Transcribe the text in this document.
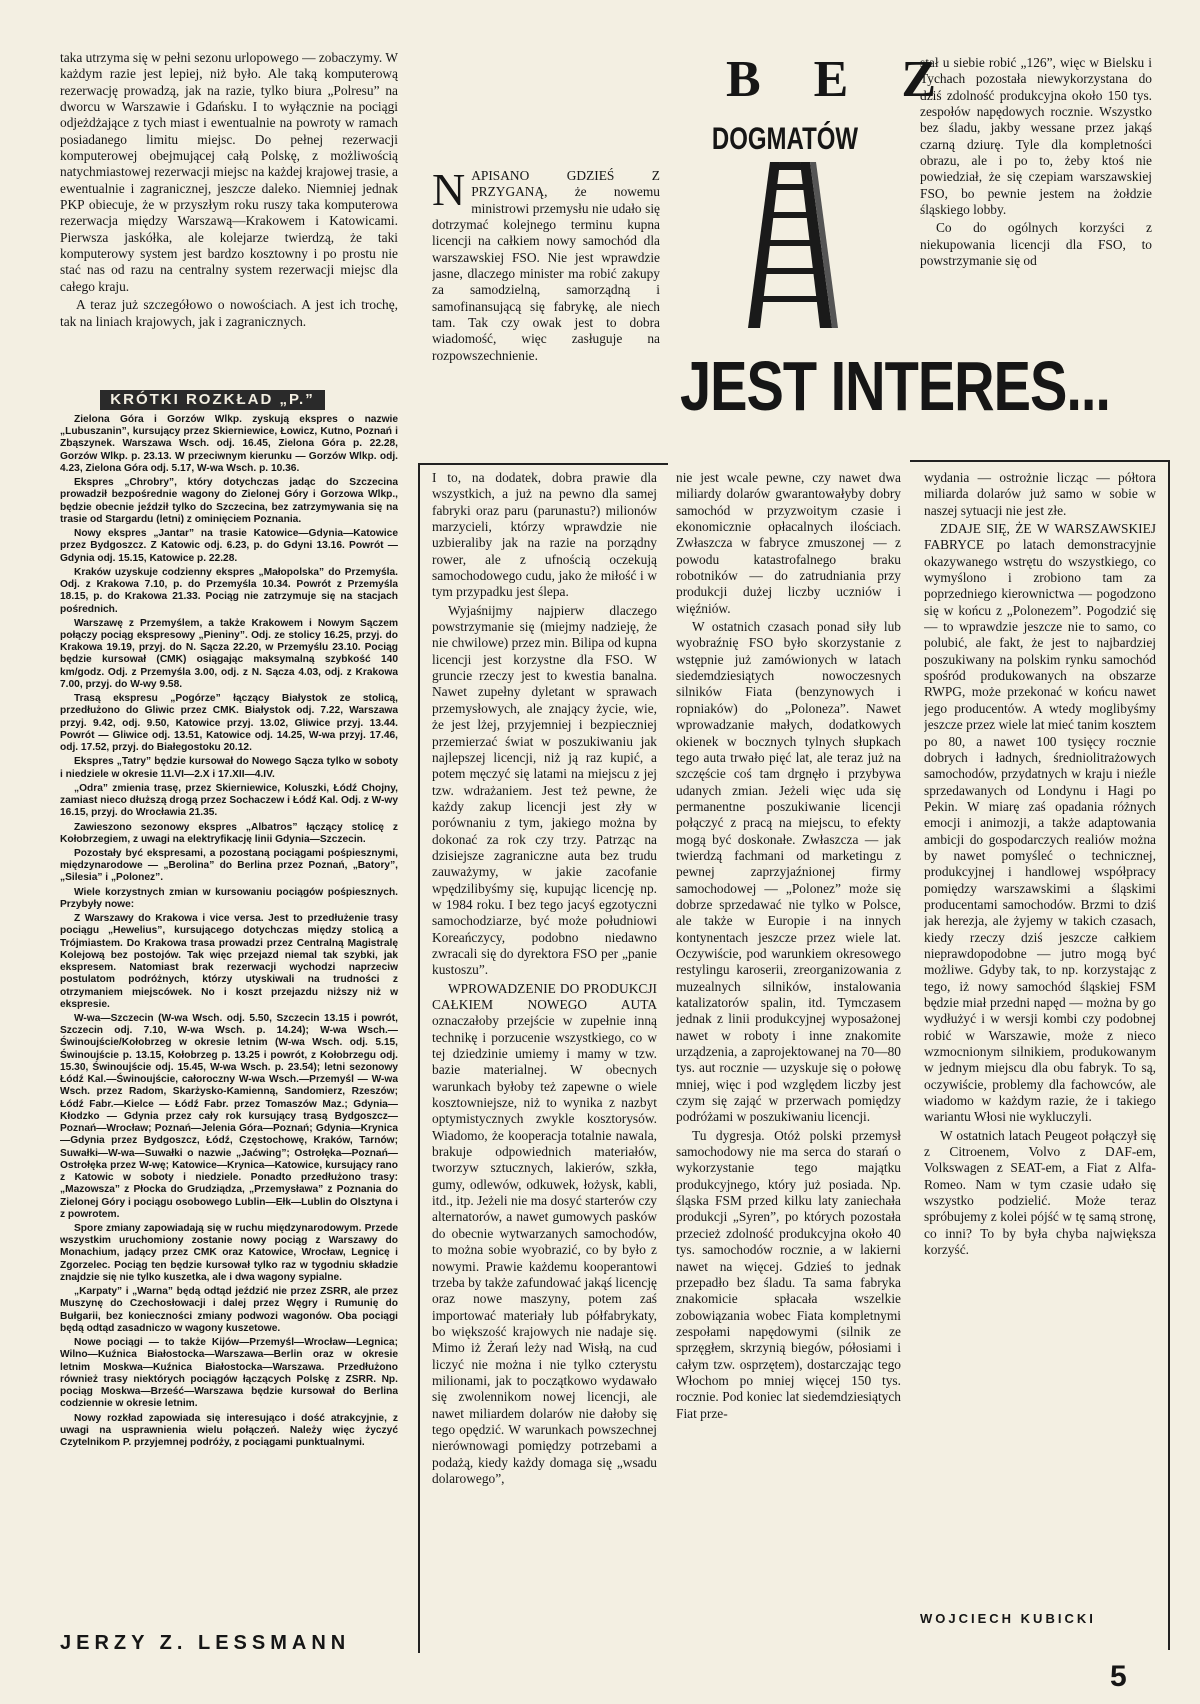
taka utrzyma się w pełni sezonu urlopowego — zobaczymy. W każdym razie jest lepiej, niż było. Ale taką komputerową rezerwację prowadzą, jak na razie, tylko biura „Polresu” na dworcu w Warszawie i Gdańsku. I to wyłącznie na pociągi odjeżdżające z tych miast i ewentualnie na powroty w ramach posiadanego limitu miejsc. Do pełnej rezerwacji komputerowej obejmującej całą Polskę, z możliwością natychmiastowej rezerwacji miejsc na każdej krajowej trasie, a ewentualnie i zagranicznej, jeszcze daleko. Niemniej jednak PKP obiecuje, że w przyszłym roku ruszy taka komputerowa rezerwacja między Warszawą—Krakowem i Katowicami. Pierwsza jaskółka, ale kolejarze twierdzą, że taki komputerowy system jest bardzo kosztowny i po prostu nie stać nas od razu na centralny system rezerwacji miejsc dla całego kraju.

A teraz już szczegółowo o nowościach. A jest ich trochę, tak na liniach krajowych, jak i zagranicznych.

KRÓTKI ROZKŁAD „P.”

Zielona Góra i Gorzów Wlkp. zyskują ekspres o nazwie „Lubuszanin”, kursujący przez Skierniewice, Łowicz, Kutno, Poznań i Zbąszynek. Warszawa Wsch. odj. 16.45, Zielona Góra p. 22.28, Gorzów Wlkp. p. 23.13. W przeciwnym kierunku — Gorzów Wlkp. odj. 4.23, Zielona Góra odj. 5.17, W-wa Wsch. p. 10.36.

Ekspres „Chrobry”, który dotychczas jadąc do Szczecina prowadził bezpośrednie wagony do Zielonej Góry i Gorzowa Wlkp., będzie obecnie jeździł tylko do Szczecina, bez zatrzymywania się na trasie od Stargardu (letni) z ominięciem Poznania.

Nowy ekspres „Jantar” na trasie Katowice—Gdynia—Katowice przez Bydgoszcz. Z Katowic odj. 6.23, p. do Gdyni 13.16. Powrót — Gdynia odj. 15.15, Katowice p. 22.28.

Kraków uzyskuje codzienny ekspres „Małopolska” do Przemyśla. Odj. z Krakowa 7.10, p. do Przemyśla 10.34. Powrót z Przemyśla 18.15, p. do Krakowa 21.33. Pociąg nie zatrzymuje się na stacjach pośrednich.

Warszawę z Przemyślem, a także Krakowem i Nowym Sączem połączy pociąg ekspresowy „Pieniny”. Odj. ze stolicy 16.25, przyj. do Krakowa 19.19, przyj. do N. Sącza 22.20, w Przemyślu 23.10. Pociąg będzie kursował (CMK) osiągając maksymalną szybkość 140 km/godz. Odj. z Przemyśla 3.00, odj. z N. Sącza 4.03, odj. z Krakowa 7.00, przyj. do W-wy 9.58.

Trasą ekspresu „Pogórze” łączący Białystok ze stolicą, przedłużono do Gliwic przez CMK. Białystok odj. 7.22, Warszawa przyj. 9.42, odj. 9.50, Katowice przyj. 13.02, Gliwice przyj. 13.44. Powrót — Gliwice odj. 13.51, Katowice odj. 14.25, W-wa przyj. 17.46, odj. 17.52, przyj. do Białegostoku 20.12.

Ekspres „Tatry” będzie kursował do Nowego Sącza tylko w soboty i niedziele w okresie 11.VI—2.X i 17.XII—4.IV.

„Odra” zmienia trasę, przez Skierniewice, Koluszki, Łódź Chojny, zamiast nieco dłuższą drogą przez Sochaczew i Łódź Kal. Odj. z W-wy 16.15, przyj. do Wrocławia 21.35.

Zawieszono sezonowy ekspres „Albatros” łączący stolicę z Kołobrzegiem, z uwagi na elektryfikację linii Gdynia—Szczecin.

Pozostały być ekspresami, a pozostaną pociągami pośpiesznymi, międzynarodowe — „Berolina” do Berlina przez Poznań, „Batory”, „Silesia” i „Polonez”.

Wiele korzystnych zmian w kursowaniu pociągów pośpiesznych. Przybyły nowe:

Z Warszawy do Krakowa i vice versa. Jest to przedłużenie trasy pociągu „Hewelius”, kursującego dotychczas między stolicą a Trójmiastem. Do Krakowa trasa prowadzi przez Centralną Magistralę Kolejową bez postojów. Tak więc przejazd niemal tak szybki, jak ekspresem. Natomiast brak rezerwacji wychodzi naprzeciw postulatom podróżnych, którzy utyskiwali na trudności z otrzymaniem miejscówek. No i koszt przejazdu niższy niż w ekspresie.

W-wa—Szczecin (W-wa Wsch. odj. 5.50, Szczecin 13.15 i powrót, Szczecin odj. 7.10, W-wa Wsch. p. 14.24); W-wa Wsch.—Świnoujście/Kołobrzeg w okresie letnim (W-wa Wsch. odj. 5.15, Świnoujście p. 13.15, Kołobrzeg p. 13.25 i powrót, z Kołobrzegu odj. 15.30, Świnoujście odj. 15.45, W-wa Wsch. p. 23.54); letni sezonowy Łódź Kal.—Świnoujście, całoroczny W-wa Wsch.—Przemyśl — W-wa Wsch. przez Radom, Skarżysko-Kamienną, Sandomierz, Rzeszów; Łódź Fabr.—Kielce — Łódź Fabr. przez Tomaszów Maz.; Gdynia—Kłodzko — Gdynia przez cały rok kursujący trasą Bydgoszcz—Poznań—Wrocław; Poznań—Jelenia Góra—Poznań; Gdynia—Krynica—Gdynia przez Bydgoszcz, Łódź, Częstochowę, Kraków, Tarnów; Suwałki—W-wa—Suwałki o nazwie „Jaćwing”; Ostrołęka—Poznań—Ostrołęka przez W-wę; Katowice—Krynica—Katowice, kursujący rano z Katowic w soboty i niedziele. Ponadto przedłużono trasy: „Mazowsza” z Płocka do Grudziądza, „Przemysława” z Poznania do Zielonej Góry i pociągu osobowego Lublin—Ełk—Lublin do Olsztyna i z powrotem.

Spore zmiany zapowiadają się w ruchu międzynarodowym. Przede wszystkim uruchomiony zostanie nowy pociąg z Warszawy do Monachium, jadący przez CMK oraz Katowice, Wrocław, Legnicę i Zgorzelec. Pociąg ten będzie kursował tylko raz w tygodniu składzie znajdzie się nie tylko kuszetka, ale i dwa wagony sypialne.

„Karpaty” i „Warna” będą odtąd jeździć nie przez ZSRR, ale przez Muszynę do Czechosłowacji i dalej przez Węgry i Rumunię do Bułgarii, bez konieczności zmiany podwozi wagonów. Oba pociągi będą odtąd zasadniczo w wagony kuszetowe.

Nowe pociągi — to także Kijów—Przemyśl—Wrocław—Legnica; Wilno—Kuźnica Białostocka—Warszawa—Berlin oraz w okresie letnim Moskwa—Kuźnica Białostocka—Warszawa. Przedłużono również trasy niektórych pociągów łączących Polskę z ZSRR. Np. pociąg Moskwa—Brześć—Warszawa będzie kursował do Berlina codziennie w okresie letnim.

Nowy rozkład zapowiada się interesująco i dość atrakcyjnie, z uwagi na usprawnienia wielu połączeń. Należy więc życzyć Czytelnikom P. przyjemnej podróży, z pociągami punktualnymi.

JERZY Z. LESSMANN
B E Z
DOGMATÓW
JEST INTERES...
N APISANO GDZIEŚ Z PRZYGANĄ, że nowemu ministrowi przemysłu nie udało się dotrzymać kolejnego terminu kupna licencji na całkiem nowy samochód dla warszawskiej FSO. Nie jest wprawdzie jasne, dlaczego minister ma robić zakupy za samodzielną, samorządną i samofinansującą się fabrykę, ale niech tam. Tak czy owak jest to dobra wiadomość, więc zasługuje na rozpowszechnienie.

stał u siebie robić „126”, więc w Bielsku i Tychach pozostała niewykorzystana do dziś zdolność produkcyjna około 150 tys. zespołów napędowych rocznie. Wszystko bez śladu, jakby wessane przez jakąś czarną dziurę. Tyle dla kompletności obrazu, ale i po to, żeby ktoś nie powiedział, że się czepiam warszawskiej FSO, bo pewnie jestem na żołdzie śląskiego lobby.

Co do ogólnych korzyści z niekupowania licencji dla FSO, to powstrzymanie się od

I to, na dodatek, dobra prawie dla wszystkich, a już na pewno dla samej fabryki oraz paru (parunastu?) milionów marzycieli, którzy wprawdzie nie uzbieraliby jak na razie na porządny rower, ale z ufnością oczekują samochodowego cudu, jako że miłość i w tym przypadku jest ślepa.

Wyjaśnijmy najpierw dlaczego powstrzymanie się (miejmy nadzieję, że nie chwilowe) przez min. Bilipa od kupna licencji jest korzystne dla FSO. W gruncie rzeczy jest to kwestia banalna. Nawet zupełny dyletant w sprawach przemysłowych, ale znający życie, wie, że jest lżej, przyjemniej i bezpieczniej przemierzać świat w poszukiwaniu jak najlepszej licencji, niż ją raz kupić, a potem męczyć się latami na miejscu z jej tzw. wdrażaniem. Jest też pewne, że każdy zakup licencji jest zły w porównaniu z tym, jakiego można by dokonać za rok czy trzy. Patrząc na dzisiejsze zagraniczne auta bez trudu zauważymy, w jakie zacofanie wpędzilibyśmy się, kupując licencję np. w 1984 roku. I bez tego jacyś egzotyczni samochodziarze, być może południowi Koreańczycy, podobno niedawno zwracali się do dyrektora FSO per „panie kustoszu”.

WPROWADZENIE DO PRODUKCJI CAŁKIEM NOWEGO AUTA oznaczałoby przejście w zupełnie inną technikę i porzucenie wszystkiego, co w tej dziedzinie umiemy i mamy w tzw. bazie materialnej. W obecnych warunkach byłoby też zapewne o wiele kosztowniejsze, niż to wynika z nazbyt optymistycznych zwykle kosztorysów. Wiadomo, że kooperacja totalnie nawala, brakuje odpowiednich materiałów, tworzyw sztucznych, lakierów, szkła, gumy, odlewów, odkuwek, łożysk, kabli, itd., itp. Jeżeli nie ma dosyć starterów czy alternatorów, a nawet gumowych pasków do obecnie wytwarzanych samochodów, to można sobie wyobrazić, co by było z nowymi. Prawie każdemu kooperantowi trzeba by także zafundować jakąś licencję oraz nowe maszyny, potem zaś importować materiały lub półfabrykaty, bo większość krajowych nie nadaje się. Mimo iż Żerań leży nad Wisłą, na cud liczyć nie można i nie tylko czterystu milionami, jak to początkowo wydawało się zwolennikom nowej licencji, ale nawet miliardem dolarów nie dałoby się tego opędzić. W warunkach powszechnej nierównowagi pomiędzy potrzebami a podażą, kiedy każdy domaga się „wsadu dolarowego”,

nie jest wcale pewne, czy nawet dwa miliardy dolarów gwarantowałyby dobry samochód w przyzwoitym czasie i ekonomicznie opłacalnych ilościach. Zwłaszcza w fabryce zmuszonej — z powodu katastrofalnego braku robotników — do zatrudniania przy produkcji dużej liczby uczniów i więźniów.

W ostatnich czasach ponad siły lub wyobraźnię FSO było skorzystanie z wstępnie już zamówionych w latach siedemdziesiątych nowoczesnych silników Fiata (benzynowych i ropniaków) do „Poloneza”. Nawet wprowadzanie małych, dodatkowych okienek w bocznych tylnych słupkach tego auta trwało pięć lat, ale teraz już na szczęście coś tam drgnęło i przybywa udanych zmian. Jeżeli więc uda się permanentne poszukiwanie licencji połączyć z pracą na miejscu, to efekty mogą być doskonałe. Zwłaszcza — jak twierdzą fachmani od marketingu z pewnej zaprzyjaźnionej firmy samochodowej — „Polonez” może się dobrze sprzedawać nie tylko w Polsce, ale także w Europie i na innych kontynentach jeszcze przez wiele lat. Oczywiście, pod warunkiem okresowego restylingu karoserii, zreorganizowania z muzealnych silników, instalowania katalizatorów spalin, itd. Tymczasem jednak z linii produkcyjnej wyposażonej nawet w roboty i inne znakomite urządzenia, a zaprojektowanej na 70—80 tys. aut rocznie — uzyskuje się o połowę mniej, więc i pod względem liczby jest czym się zająć w przerwach pomiędzy podróżami w poszukiwaniu licencji.

Tu dygresja. Otóż polski przemysł samochodowy nie ma serca do starań o wykorzystanie tego majątku produkcyjnego, który już posiada. Np. śląska FSM przed kilku laty zaniechała produkcji „Syren”, po których pozostała przecież zdolność produkcyjna około 40 tys. samochodów rocznie, a w lakierni nawet na więcej. Gdzieś to jednak przepadło bez śladu. Ta sama fabryka znakomicie spłacała wszelkie zobowiązania wobec Fiata kompletnymi zespołami napędowymi (silnik ze sprzęgłem, skrzynią biegów, półosiami i całym tzw. osprzętem), dostarczając tego Włochom po mniej więcej 150 tys. rocznie. Pod koniec lat siedemdziesiątych Fiat prze-

wydania — ostrożnie licząc — półtora miliarda dolarów już samo w sobie w naszej sytuacji nie jest złe.

ZDAJE SIĘ, ŻE W WARSZAWSKIEJ FABRYCE po latach demonstracyjnie okazywanego wstrętu do wszystkiego, co wymyślono i zrobiono tam za poprzedniego kierownictwa — pogodzono się w końcu z „Polonezem”. Pogodzić się — to wprawdzie jeszcze nie to samo, co polubić, ale fakt, że jest to najbardziej poszukiwany na polskim rynku samochód spośród produkowanych na obszarze RWPG, może przekonać w końcu nawet jego producentów. A wtedy moglibyśmy jeszcze przez wiele lat mieć tanim kosztem po 80, a nawet 100 tysięcy rocznie dobrych i ładnych, średniolitrażowych samochodów, przydatnych w kraju i nieźle sprzedawanych od Londynu i Hagi po Pekin. W miarę zaś opadania różnych emocji i animozji, a także adaptowania ambicji do gospodarczych realiów można by nawet pomyśleć o technicznej, produkcyjnej i handlowej współpracy pomiędzy warszawskimi a śląskimi producentami samochodów. Brzmi to dziś jak herezja, ale żyjemy w takich czasach, kiedy rzeczy dziś jeszcze całkiem nieprawdopodobne — jutro mogą być możliwe. Gdyby tak, to np. korzystając z tego, iż nowy samochód śląskiej FSM będzie miał przedni napęd — można by go wydłużyć i w wersji kombi czy podobnej robić w Warszawie, może z nieco wzmocnionym silnikiem, produkowanym w jednym miejscu dla obu fabryk. To są, oczywiście, problemy dla fachowców, ale wiadomo w każdym razie, że i takiego wariantu Włosi nie wykluczyli.

W ostatnich latach Peugeot połączył się z Citroenem, Volvo z DAF-em, Volkswagen z SEAT-em, a Fiat z Alfa-Romeo. Nam w tym czasie udało się wszystko podzielić. Może teraz spróbujemy z kolei pójść w tę samą stronę, co inni? To by była chyba największa korzyść.

WOJCIECH KUBICKI
5
